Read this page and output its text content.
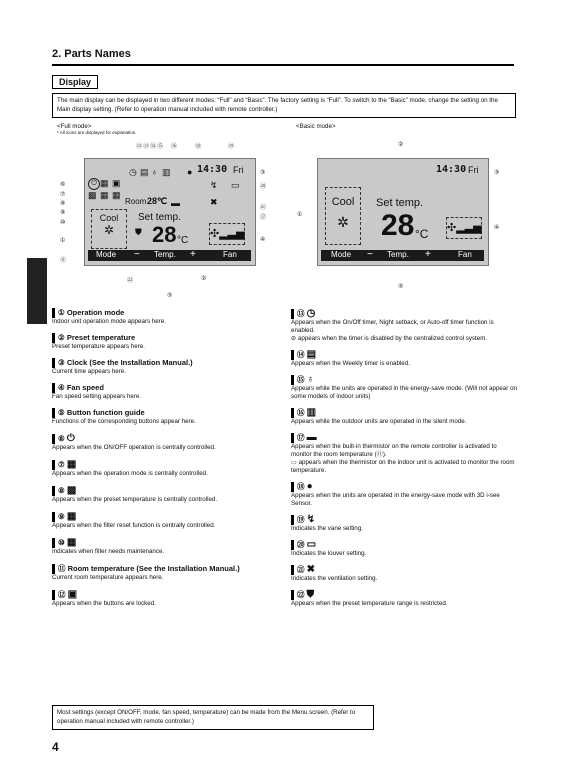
2. Parts Names
Display
The main display can be displayed in two different modes: “Full” and “Basic”. The factory setting is “Full”. To switch to the “Basic” mode, change the setting on the Main display setting. (Refer to operation manual included with remote controller.)
<Full mode>
* All icons are displayed for explanation.
⑫ ⑬ ⑭ ⑮ ⑯	⑱	⑲
⑥
⑦
⑧
⑨
⑩
①
⑪
③
⑳
㉑
⑰
④
㉒	②
⑤
⏻ ▦ ▣
◷ ▤ ♁ ▥ ● 14:30 Fri
↯ ▭
▩ ▦ ▦
Room 28℃ ▬	✖
Cool
✲
Set temp.
⛊ 28 °C
✣▂▃▅
Mode − Temp. +	Fan
<Basic mode>
②
③
①
④
⑤
14:30 Fri
Cool
✲
Set temp.
28 °C ✣▂▃▅
Mode − Temp. +	Fan
① Operation mode
Indoor unit operation mode appears here.
② Preset temperature
Preset temperature appears here.
③ Clock (See the Installation Manual.)
Current time appears here.
④ Fan speed
Fan speed setting appears here.
⑤ Button function guide
Functions of the corresponding buttons appear here.
⑥ ⏻
Appears when the ON/OFF operation is centrally controlled.
⑦ ▦
Appears when the operation mode is centrally controlled.
⑧ ▩
Appears when the preset temperature is centrally controlled.
⑨ ▦
Appears when the filter reset function is centrally controlled.
⑩ ▦
Indicates when filter needs maintenance.
⑪ Room temperature (See the Installation Manual.)
Current room temperature appears here.
⑫ ▣
Appears when the buttons are locked.
⑬ ◷
Appears when the On/Off timer, Night setback, or Auto-off timer function is enabled.
⊘ appears when the timer is disabled by the centralized control system.
⑭ ▤
Appears when the Weekly timer is enabled.
⑮ ♁
Appears while the units are operated in the energy-save mode. (Will not appear on some models of indoor units)
⑯ ▥
Appears while the outdoor units are operated in the silent mode.
⑰ ▬
Appears when the built-in thermistor on the remote controller is activated to monitor the room temperature (⑪).
▭ appears when the thermistor on the indoor unit is activated to monitor the room temperature.
⑱ ●
Appears when the units are operated in the energy-save mode with 3D i-see Sensor.
⑲ ↯
Indicates the vane setting.
⑳ ▭
Indicates the louver setting.
㉑ ✖
Indicates the ventilation setting.
㉒ ⛊
Appears when the preset temperature range is restricted.
Most settings (except ON/OFF, mode, fan speed, temperature) can be made from the Menu screen. (Refer to operation manual included with remote controller.)
4
